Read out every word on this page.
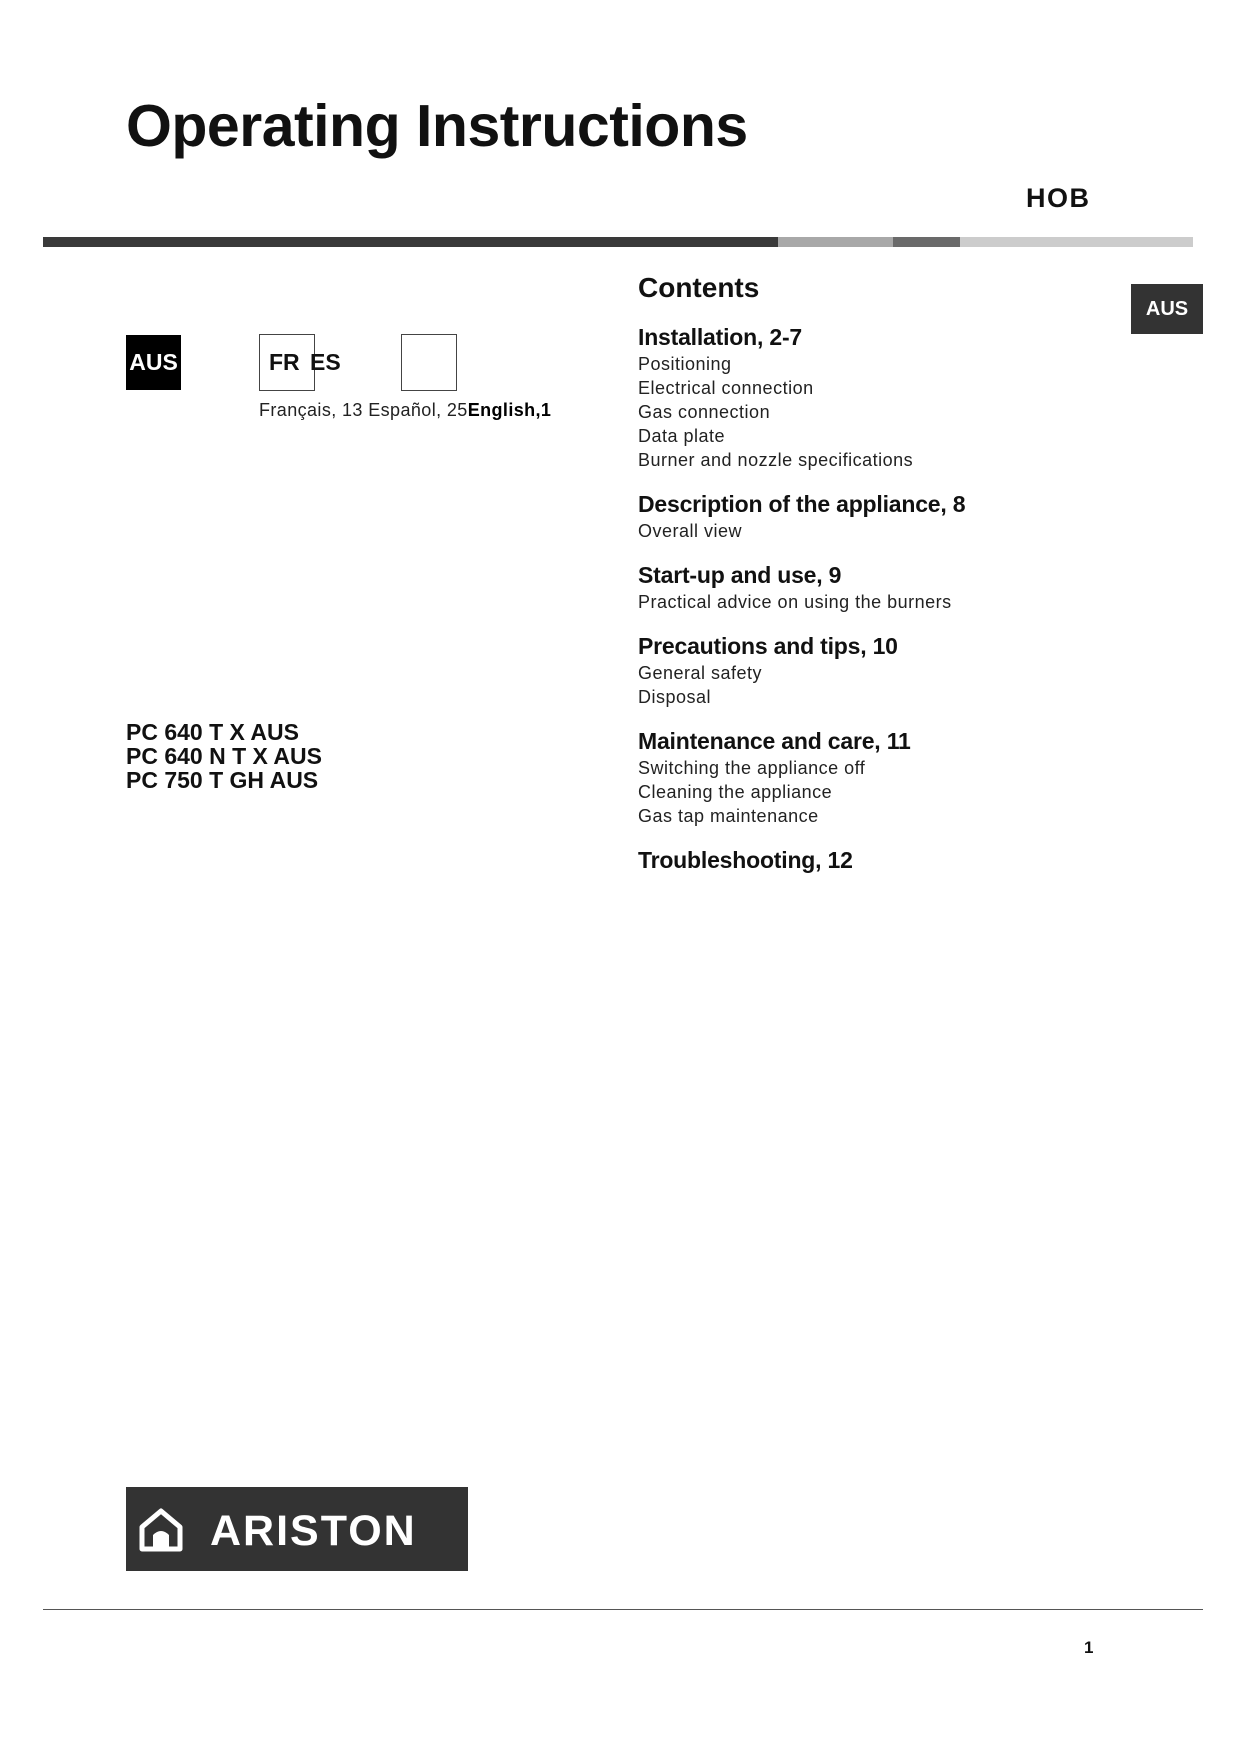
Operating Instructions
HOB
AUS
AUS	FR ES
Français, 13 Español, 25English,1
PC 640 T X AUS
PC 640 N T X AUS
PC 750 T GH AUS
Contents
Installation, 2-7
Positioning
Electrical connection
Gas connection
Data plate
Burner and nozzle specifications
Description of the appliance, 8
Overall view
Start-up and use, 9
Practical advice on using the burners
Precautions and tips, 10
General safety
Disposal
Maintenance and care, 11
Switching the appliance off
Cleaning the appliance
Gas tap maintenance
Troubleshooting, 12
ARISTON
1
